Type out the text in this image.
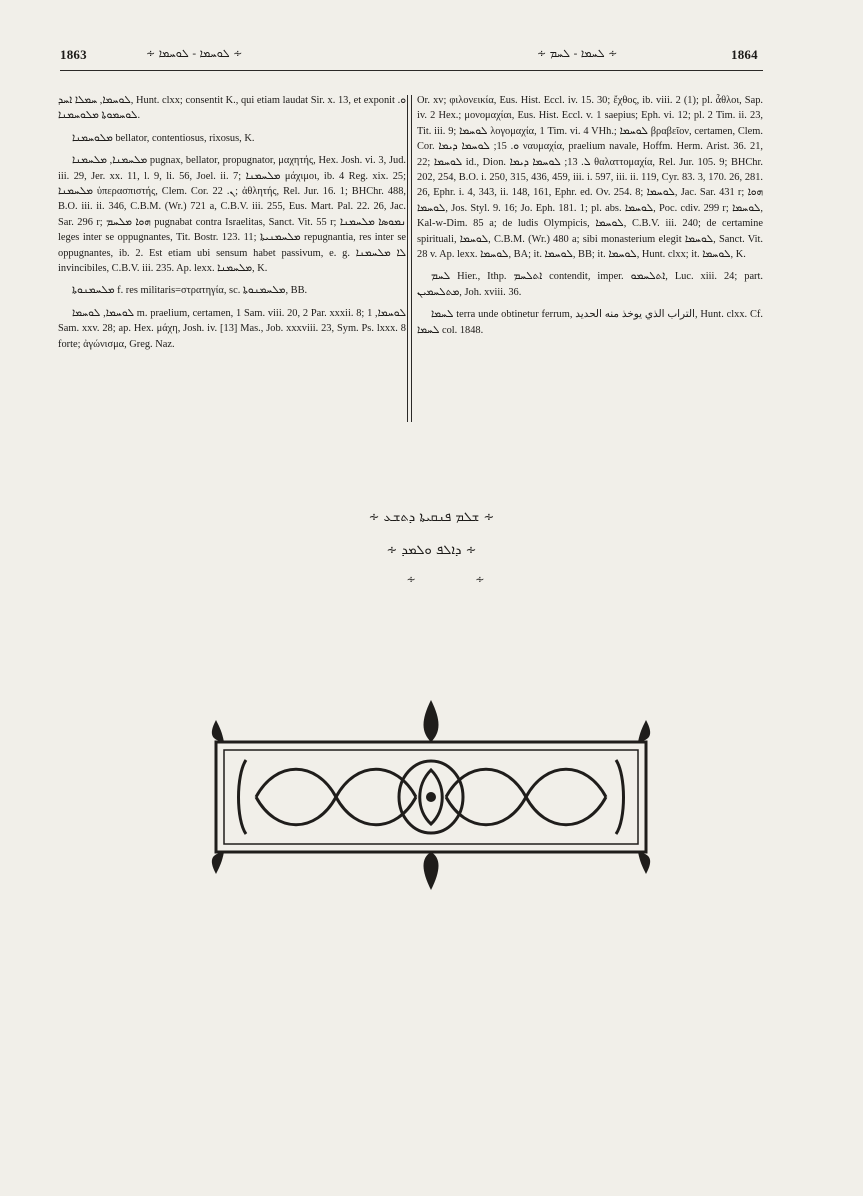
1863	∻ ܠܘܚܡܐ - ܠܘܚܡܐ ∻	∻ ܠܚܡܐ - ܠܚܡ ∻	1864

ܠܘܚܡܐ, ܚܡܠܐ ܐܚܕ, Hunt. clxx; consentit K., qui etiam laudat Sir. x. 13, et exponit ܘ. ܠܘܚܡܘܬܐ ܡܠܘܚܡܢܐ.

ܡܠܘܚܡܢܐ bellator, contentiosus, rixosus, K.

ܡܠܚܡܢܐ, ܡܠܚܡܢܐ pugnax, bellator, propugnator, μαχητής, Hex. Josh. vi. 3, Jud. iii. 29, Jer. xx. 11, l. 9, li. 56, Joel. ii. 7; ܡܠܚܡܢܐ μάχιμοι, ib. 4 Reg. xix. 25; ܡܠܚܡܢܐ ὑπερασπιστής, Clem. Cor. ܢ. 22; ἀθλητής, Rel. Jur. 16. 1; BHChr. 488, B.O. iii. ii. 346, C.B.M. (Wr.) 721 a, C.B.V. iii. 255, Eus. Mart. Pal. 22. 26, Jac. Sar. 296 r; ܗܘܐ ܡܠܚܡ pugnabat contra Israelitas, Sanct. Vit. 55 r; ܢܡܘܣܐ ܡܠܚܡܢܐ leges inter se oppugnantes, Tit. Bostr. 123. 11; ܡܠܚܡܢܝܬܐ repugnantia, res inter se oppugnantes, ib. 2. Est etiam ubi sensum habet passivum, e. g. ܠܐ ܡܠܚܡܢܐ invincibiles, C.B.V. iii. 235. Ap. lexx. ܡܠܚܡܢܐ, K.

ܡܠܚܡܢܘܬܐ f. res militaris=στρατηγία, sc. ܡܠܚܡܢܘܬܐ, BB.

ܠܘܚܡܐ, ܠܘܚܡܐ m. praelium, certamen, 1 Sam. viii. 20, 2 Par. xxxii. 8; ܠܘܚܡܐ, 1 Sam. xxv. 28; ap. Hex. μάχη, Josh. iv. [13] Mas., Job. xxxviii. 23, Sym. Ps. lxxx. 8 forte; ἀγώνισμα, Greg. Naz.

Or. xv; φιλονεικία, Eus. Hist. Eccl. iv. 15. 30; ἔχθος, ib. viii. 2 (1); pl. ἆθλοι, Sap. iv. 2 Hex.; μονομαχίαι, Eus. Hist. Eccl. v. 1 saepius; Eph. vi. 12; pl. 2 Tim. ii. 23, Tit. iii. 9; ܠܘܚܡܐ λογομαχία, 1 Tim. vi. 4 VHh.; ܠܘܚܡܐ βραβεῖον, certamen, Clem. Cor. ܘ. 15; ܠܘܚܡܐ ܕܝܡܐ ναυμαχία, praelium navale, Hoffm. Herm. Arist. 36. 21, 22; ܠܘܚܡܐ id., Dion. ܠ. 13; ܠܘܚܡܐ ܕܝܡܐ θαλαττομαχία, Rel. Jur. 105. 9; BHChr. 202, 254, B.O. i. 250, 315, 436, 459, iii. i. 597, iii. ii. 119, Cyr. 83. 3, 170. 26, 281. 26, Ephr. i. 4, 343, ii. 148, 161, Ephr. ed. Ov. 254. 8; ܠܘܚܡܐ, Jac. Sar. 431 r; ܗܘܐ ܠܘܚܡܐ, Jos. Styl. 9. 16; Jo. Eph. 181. 1; pl. abs. ܠܘܚܡܐ, Poc. cdiv. 299 r; ܠܘܚܡܐ, Kal-w-Dim. 85 a; de ludis Olympicis, ܠܘܚܡܐ, C.B.V. iii. 240; de certamine spirituali, ܠܘܚܡܐ, C.B.M. (Wr.) 480 a; sibi monasterium elegit ܠܘܚܡܐ, Sanct. Vit. 28 v. Ap. lexx. ܠܘܚܡܐ, BA; it. ܠܘܚܡܐ, BB; it. ܠܘܚܡܐ, Hunt. clxx; it. ܠܘܚܡܐ, K.

ܠܚܡ Hier., Ithp. ܐܬܠܚܡ contendit, imper. ܐܬܠܚܡܘ, Luc. xiii. 24; part. ܡܬܠܚܡܝܢ, Joh. xviii. 36.

ܠܚܡܐ terra unde obtinetur ferrum, التراب الذي يوخذ منه الحديد, Hunt. clxx. Cf. ܠܚܡܐ col. 1848.

∻ ܫܠܡ ܦܢܩܝܬܐ ܕܬܫܥ ∻
∻ ܕܐܠܦ ܘܠܡܕ ∻
∻ ∻
